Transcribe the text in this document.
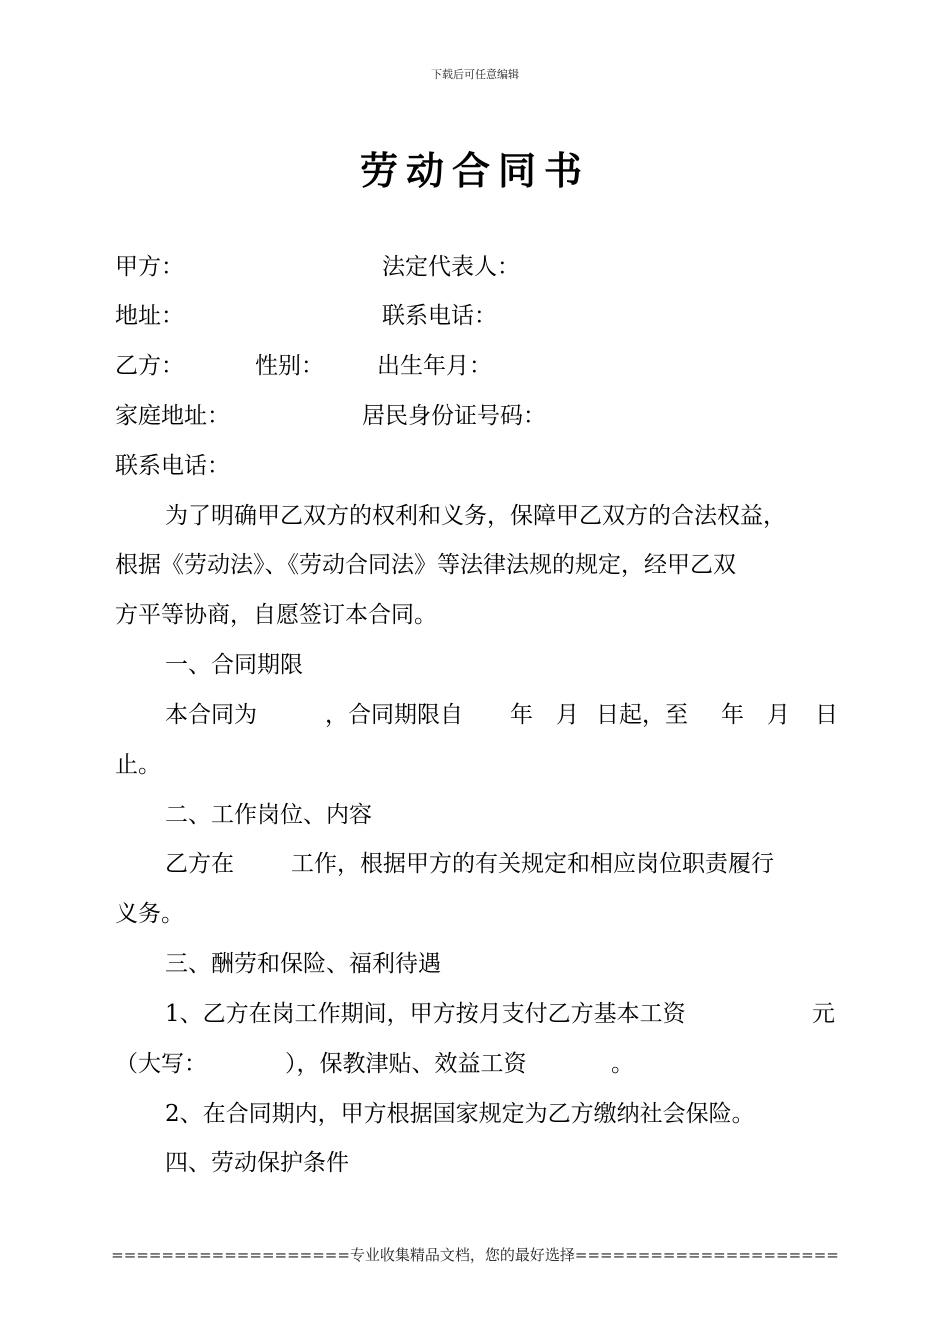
下载后可任意编辑
劳动合同书
甲方：	法定代表人：
地址：	联系电话：
乙方：	性别： 出生年月：
家庭地址：	居民身份证号码：
联系电话：
为了明确甲乙双方的权利和义务，保障甲乙双方的合法权益，
根据《劳动法》、《劳动合同法》等法律法规的规定，经甲乙双
方平等协商，自愿签订本合同。
一、合同期限
本合同为	，合同期限自 年 月 日起，至 年 月 日
止。
二、工作岗位、内容
乙方在 工作，根据甲方的有关规定和相应岗位职责履行
义务。
三、酬劳和保险、福利待遇
1、乙方在岗工作期间，甲方按月支付乙方基本工资	元
（大写：	），保教津贴、效益工资	。
2、在合同期内，甲方根据国家规定为乙方缴纳社会保险。
四、劳动保护条件
===================专业收集精品文档，您的最好选择=====================
